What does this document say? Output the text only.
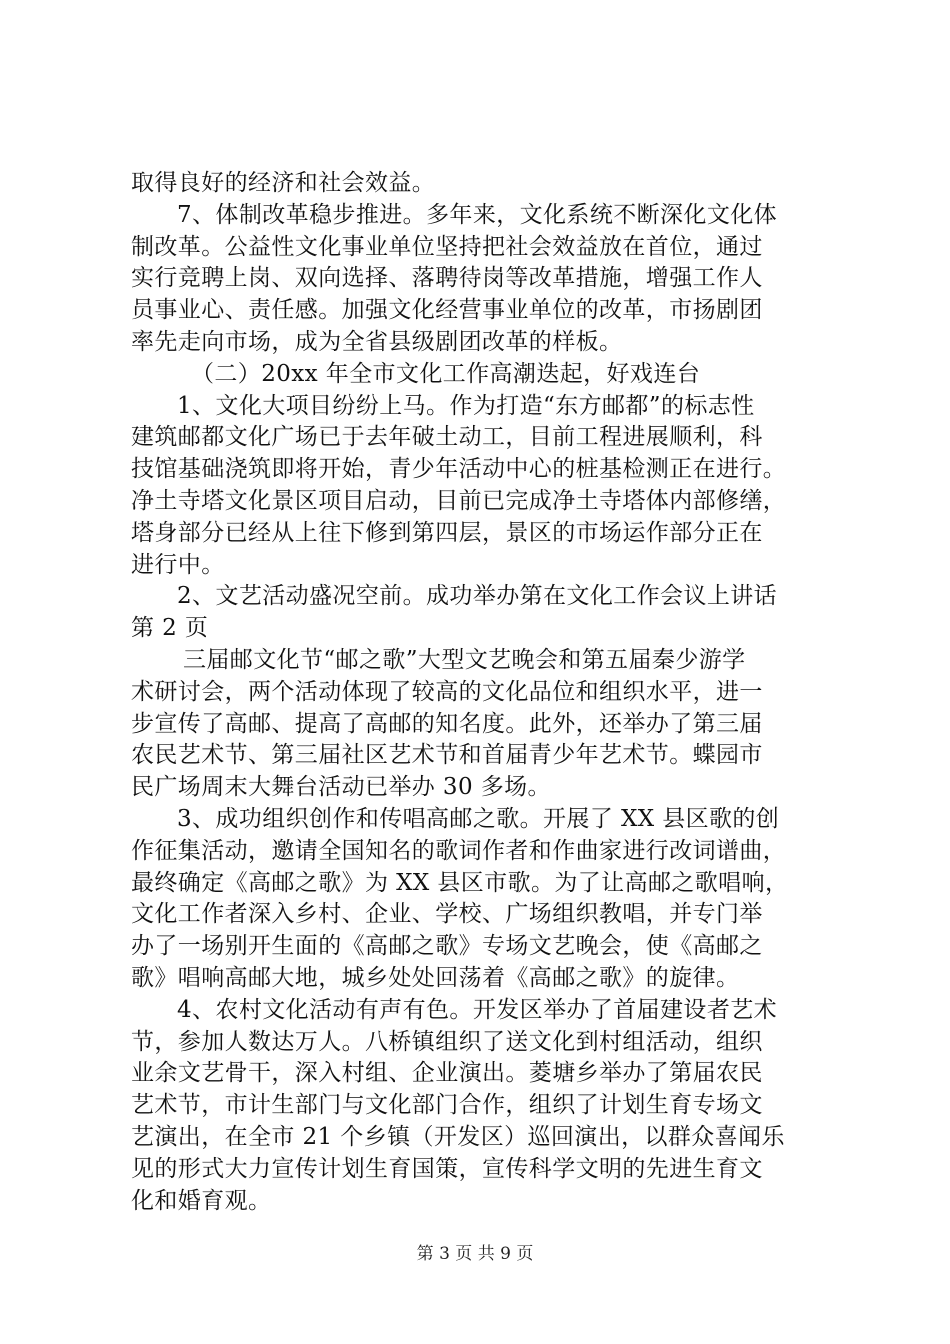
取得良好的经济和社会效益。
7、体制改革稳步推进。多年来，文化系统不断深化文化体
制改革。公益性文化事业单位坚持把社会效益放在首位，通过
实行竞聘上岗、双向选择、落聘待岗等改革措施，增强工作人
员事业心、责任感。加强文化经营事业单位的改革，市扬剧团
率先走向市场，成为全省县级剧团改革的样板。
（二）20xx 年全市文化工作高潮迭起，好戏连台
1、文化大项目纷纷上马。作为打造“东方邮都”的标志性
建筑邮都文化广场已于去年破土动工，目前工程进展顺利，科
技馆基础浇筑即将开始，青少年活动中心的桩基检测正在进行。
净土寺塔文化景区项目启动，目前已完成净土寺塔体内部修缮，
塔身部分已经从上往下修到第四层，景区的市场运作部分正在
进行中。
2、文艺活动盛况空前。成功举办第在文化工作会议上讲话
第 2 页
三届邮文化节“邮之歌”大型文艺晚会和第五届秦少游学
术研讨会，两个活动体现了较高的文化品位和组织水平，进一
步宣传了高邮、提高了高邮的知名度。此外，还举办了第三届
农民艺术节、第三届社区艺术节和首届青少年艺术节。蝶园市
民广场周末大舞台活动已举办 30 多场。
3、成功组织创作和传唱高邮之歌。开展了 XX 县区歌的创
作征集活动，邀请全国知名的歌词作者和作曲家进行改词谱曲，
最终确定《高邮之歌》为 XX 县区市歌。为了让高邮之歌唱响，
文化工作者深入乡村、企业、学校、广场组织教唱，并专门举
办了一场别开生面的《高邮之歌》专场文艺晚会，使《高邮之
歌》唱响高邮大地，城乡处处回荡着《高邮之歌》的旋律。
4、农村文化活动有声有色。开发区举办了首届建设者艺术
节，参加人数达万人。八桥镇组织了送文化到村组活动，组织
业余文艺骨干，深入村组、企业演出。菱塘乡举办了第届农民
艺术节，市计生部门与文化部门合作，组织了计划生育专场文
艺演出，在全市 21 个乡镇（开发区）巡回演出，以群众喜闻乐
见的形式大力宣传计划生育国策，宣传科学文明的先进生育文
化和婚育观。
第 3 页 共 9 页
